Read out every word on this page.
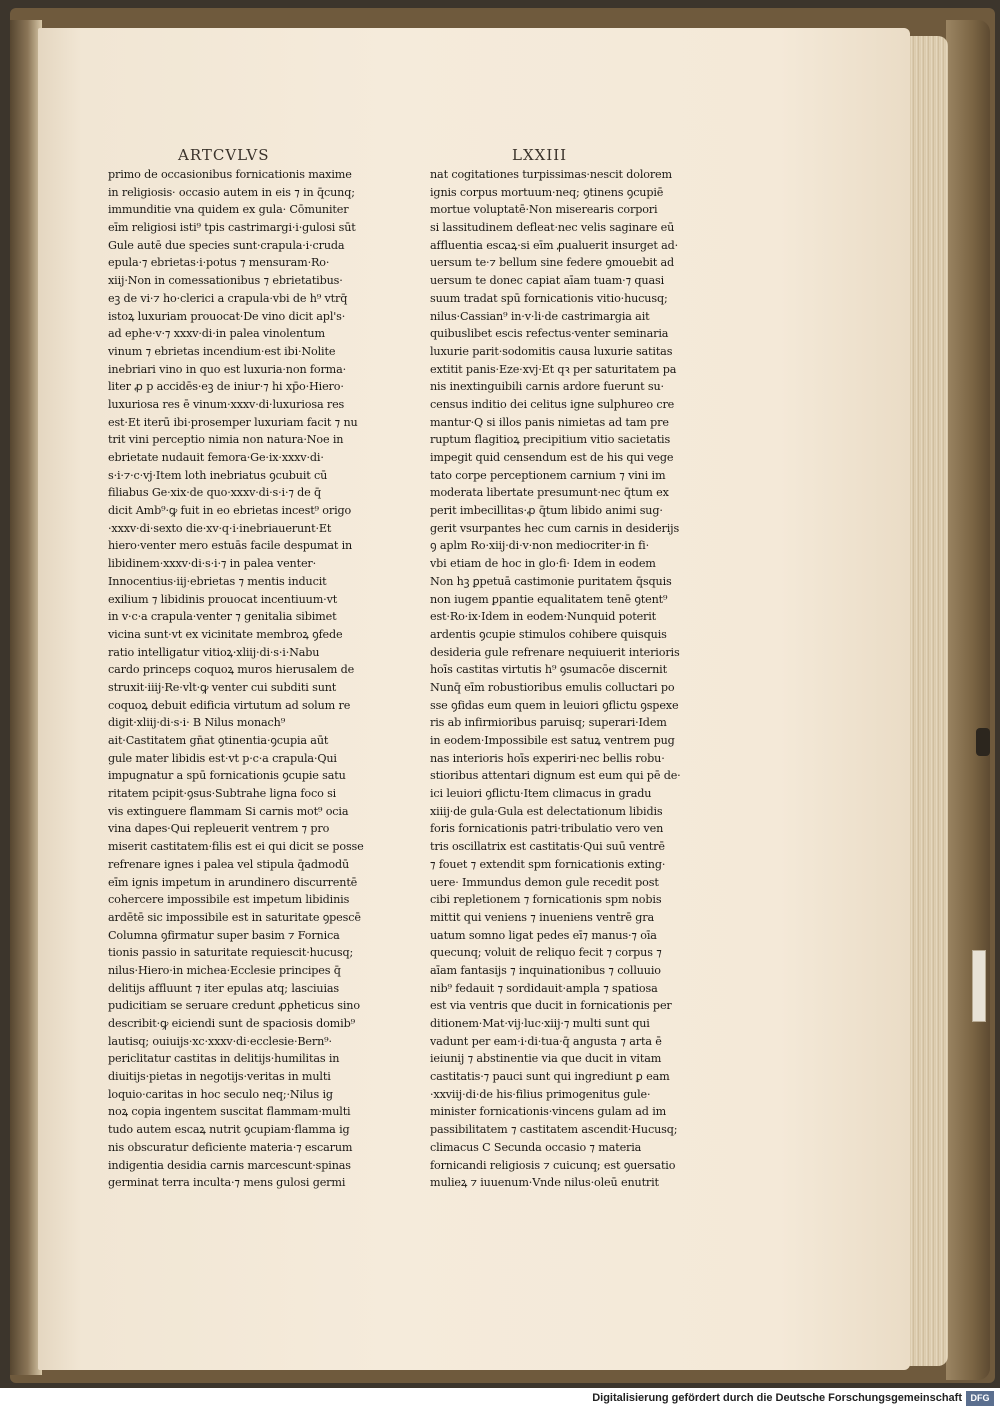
ARTCVLVS	LXXIII
primo de occasionibus fornicationis maxime
in religiosis· occasio autem in eis ⁊ in q̄cunq;
immunditie vna quidem ex gula· Cōmuniter
eīm religiosi isti⁹ tpis castrimargi·i·gulosi sūt
Gule autē due species sunt·crapula·i·cruda
epula·⁊ ebrietas·i·potus ⁊ mensuram·Ro·
xiij·Non in comessationibus ⁊ ebrietatibus·
eꝫ de vi·⁊ ho·clerici a crapula·vbi de h⁹ vtrq̄
istoꝝ luxuriam prouocat·De vino dicit apl's·
ad ephe·v·⁊ xxxv·di·in palea vinolentum
vinum ⁊ ebrietas incendium·est ibi·Nolite
inebriari vino in quo est luxuria·non forma·
liter ꝓ p accidēs·eꝫ de iniur·⁊ hi xp̄o·Hiero·
luxuriosa res ē vinum·xxxv·di·luxuriosa res
est·Et iterū ibi·prosemper luxuriam facit ⁊ nu
trit vini perceptio nimia non natura·Noe in
ebrietate nudauit femora·Ge·ix·xxxv·di·
s·i·⁊·c·vj·Item loth inebriatus ꝯcubuit cū
filiabus Ge·xix·de quo·xxxv·di·s·i·⁊ de q̄
dicit Amb⁹·ꝙ fuit in eo ebrietas incest⁹ origo
·xxxv·di·sexto die·xv·q·i·inebriauerunt·Et
hiero·venter mero estuās facile despumat in
libidinem·xxxv·di·s·i·⁊ in palea venter·
Innocentius·iij·ebrietas ⁊ mentis inducit
exilium ⁊ libidinis prouocat incentiuum·vt
in v·c·a crapula·venter ⁊ genitalia sibimet
vicina sunt·vt ex vicinitate membroꝝ ꝯfede
ratio intelligatur vitioꝝ·xliij·di·s·i·Nabu
cardo princeps coquoꝝ muros hierusalem de
struxit·iiij·Re·vlt·ꝙ venter cui subditi sunt
coquoꝝ debuit edificia virtutum ad solum re
digit·xliij·di·s·i· B Nilus monach⁹
ait·Castitatem gn̄at ꝯtinentia·ꝯcupia aūt
gule mater libidis est·vt p·c·a crapula·Qui
impugnatur a spū fornicationis ꝯcupie satu
ritatem pcipit·ꝯsus·Subtrahe ligna foco si
vis extinguere flammam Si carnis mot⁹ ocia
vina dapes·Qui repleuerit ventrem ⁊ pro
miserit castitatem·filis est ei qui dicit se posse
refrenare ignes i palea vel stipula q̄admodū
eīm ignis impetum in arundinero discurrentē
cohercere impossibile est impetum libidinis
ardētē sic impossibile est in saturitate ꝯpescē
Columna ꝯfirmatur super basim ⁊ Fornica
tionis passio in saturitate requiescit·hucusq;
nilus·Hiero·in michea·Ecclesie principes q̄
delitijs affluunt ⁊ iter epulas atq; lasciuias
pudicitiam se seruare credunt ꝓpheticus sino
describit·ꝙ eiciendi sunt de spaciosis domib⁹
lautisq; ouiuijs·xc·xxxv·di·ecclesie·Bern⁹·
periclitatur castitas in delitijs·humilitas in
diuitijs·pietas in negotijs·veritas in multi
loquio·caritas in hoc seculo neq;·Nilus ig
noꝝ copia ingentem suscitat flammam·multi
tudo autem escaꝝ nutrit ꝯcupiam·flamma ig
nis obscuratur deficiente materia·⁊ escarum
indigentia desidia carnis marcescunt·spinas
germinat terra inculta·⁊ mens gulosi germi
nat cogitationes turpissimas·nescit dolorem
ignis corpus mortuum·neq; ꝯtinens ꝯcupiē
mortue voluptatē·Non miserearis corpori
si lassitudinem defleat·nec velis saginare eū
affluentia escaꝝ·si eīm ꝓualuerit insurget ad·
uersum te·⁊ bellum sine federe ꝯmouebit ad
uersum te donec capiat aīam tuam·⁊ quasi
suum tradat spū fornicationis vitio·hucusq;
nilus·Cassian⁹ in·v·li·de castrimargia ait
quibuslibet escis refectus·venter seminaria
luxurie parit·sodomitis causa luxurie satitas
extitit panis·Eze·xvj·Et qꝛ per saturitatem pa
nis inextinguibili carnis ardore fuerunt su·
census inditio dei celitus igne sulphureo cre
mantur·Q si illos panis nimietas ad tam pre
ruptum flagitioꝝ precipitium vitio sacietatis
impegit quid censendum est de his qui vege
tato corpe perceptionem carnium ⁊ vini im
moderata libertate presumunt·nec q̄tum ex
perit imbecillitas·ꝓ q̄tum libido animi sug·
gerit vsurpantes hec cum carnis in desiderijs
ꝯ aplm Ro·xiij·di·v·non mediocriter·in fi·
vbi etiam de hoc in glo·fi· Idem in eodem
Non hꝫ ꝑpetuā castimonie puritatem q̄squis
non iugem ꝑpantie equalitatem tenē ꝯtent⁹
est·Ro·ix·Idem in eodem·Nunquid poterit
ardentis ꝯcupie stimulos cohibere quisquis
desideria gule refrenare nequiuerit interioris
hoīs castitas virtutis h⁹ ꝯsumacōe discernit
Nunq̄ eīm robustioribus emulis colluctari po
sse ꝯfidas eum quem in leuiori ꝯflictu ꝯspexe
ris ab infirmioribus paruisq; superari·Idem
in eodem·Impossibile est satuꝝ ventrem pug
nas interioris hoīs experiri·nec bellis robu·
stioribus attentari dignum est eum qui pē de·
ici leuiori ꝯflictu·Item climacus in gradu
xiiij·de gula·Gula est delectationum libidis
foris fornicationis patri·tribulatio vero ven
tris oscillatrix est castitatis·Qui suū ventrē
⁊ fouet ⁊ extendit spm fornicationis exting·
uere· Immundus demon gule recedit post
cibi repletionem ⁊ fornicationis spm nobis
mittit qui veniens ⁊ inueniens ventrē gra
uatum somno ligat pedes eī⁊ manus·⁊ oīa
quecunq; voluit de reliquo fecit ⁊ corpus ⁊
aīam fantasijs ⁊ inquinationibus ⁊ colluuio
nib⁹ fedauit ⁊ sordidauit·ampla ⁊ spatiosa
est via ventris que ducit in fornicationis per
ditionem·Mat·vij·luc·xiij·⁊ multi sunt qui
vadunt per eam·i·di·tua·q̄ angusta ⁊ arta ē
ieiunij ⁊ abstinentie via que ducit in vitam
castitatis·⁊ pauci sunt qui ingrediunt ꝑ eam
·xxviij·di·de his·filius primogenitus gule·
minister fornicationis·vincens gulam ad im
passibilitatem ⁊ castitatem ascendit·Hucusq;
climacus C Secunda occasio ⁊ materia
fornicandi religiosis ⁊ cuicunq; est ꝯuersatio
mulieꝝ ⁊ iuuenum·Vnde nilus·oleū enutrit
Digitalisierung gefördert durch die Deutsche Forschungsgemeinschaft DFG
